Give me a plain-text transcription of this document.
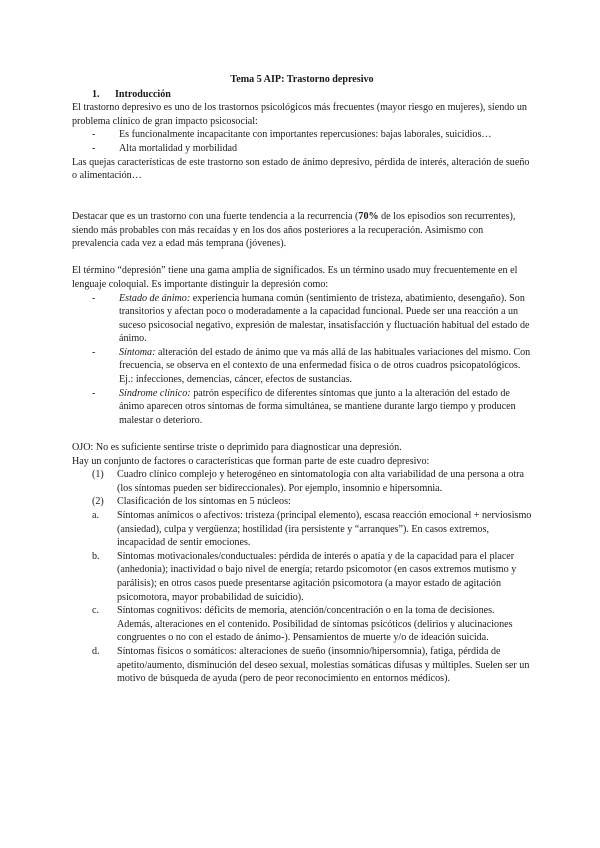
Tema 5 AIP: Trastorno depresivo

1.	Introducción

El trastorno depresivo es uno de los trastornos psicológicos más frecuentes (mayor riesgo en mujeres), siendo un problema clínico de gran impacto psicosocial:

-	Es funcionalmente incapacitante con importantes repercusiones: bajas laborales, suicidios…
-	Alta mortalidad y morbilidad

Las quejas características de este trastorno son estado de ánimo depresivo, pérdida de interés, alteración de sueño o alimentación…

Destacar que es un trastorno con una fuerte tendencia a la recurrencia (70% de los episodios son recurrentes), siendo más probables con más recaídas y en los dos años posteriores a la recuperación. Asimismo con prevalencia cada vez a edad más temprana (jóvenes).

El término “depresión” tiene una gama amplia de significados. Es un término usado muy frecuentemente en el lenguaje coloquial. Es importante distinguir la depresión como:

-	Estado de ánimo: experiencia humana común (sentimiento de tristeza, abatimiento, desengaño). Son transitorios y afectan poco o moderadamente a la capacidad funcional. Puede ser una reacción a un suceso psicosocial negativo, expresión de malestar, insatisfacción y fluctuación habitual del estado de ánimo.
-	Síntoma: alteración del estado de ánimo que va más allá de las habituales variaciones del mismo. Con frecuencia, se observa en el contexto de una enfermedad física o de otros cuadros psicopatológicos. Ej.: infecciones, demencias, cáncer, efectos de sustancias.
-	Síndrome clínico: patrón específico de diferentes síntomas que junto a la alteración del estado de ánimo aparecen otros síntomas de forma simultánea, se mantiene durante largo tiempo y producen malestar o deterioro.

OJO: No es suficiente sentirse triste o deprimido para diagnosticar una depresión.

Hay un conjunto de factores o características que forman parte de este cuadro depresivo:

(1)	Cuadro clínico complejo y heterogéneo en sintomatología con alta variabilidad de una persona a otra (los síntomas pueden ser bidireccionales). Por ejemplo, insomnio e hipersomnia.
(2)	Clasificación de los síntomas en 5 núcleos:
a.	Síntomas anímicos o afectivos: tristeza (principal elemento), escasa reacción emocional + nerviosismo (ansiedad), culpa y vergüenza; hostilidad (ira persistente y “arranques”). En casos extremos, incapacidad de sentir emociones.
b.	Síntomas motivacionales/conductuales: pérdida de interés o apatía y de la capacidad para el placer (anhedonia); inactividad o bajo nivel de energía; retardo psicomotor (en casos extremos mutismo y parálisis); en otros casos puede presentarse agitación psicomotora (a mayor estado de agitación psicomotora, mayor probabilidad de suicidio).
c.	Síntomas cognitivos: déficits de memoria, atención/concentración o en la toma de decisiones. Además, alteraciones en el contenido. Posibilidad de síntomas psicóticos (delirios y alucinaciones congruentes o no con el estado de ánimo-). Pensamientos de muerte y/o de ideación suicida.
d.	Síntomas físicos o somáticos: alteraciones de sueño (insomnio/hipersomnia), fatiga, pérdida de apetito/aumento, disminución del deseo sexual, molestias somáticas difusas y múltiples. Suelen ser un motivo de búsqueda de ayuda (pero de peor reconocimiento en entornos médicos).
